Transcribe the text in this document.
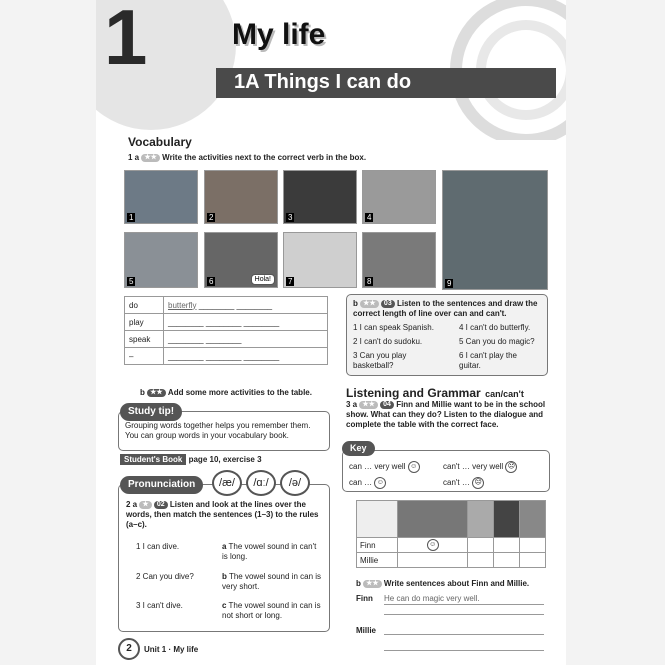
1	My life
1A Things I can do
Vocabulary
1 a ★★ Write the activities next to the correct verb in the box.
1	2	3	4
9
5	6	Hola!	7	8
do	butterfly ________ ________
play	________ ________ ________
speak	________ ________
–	________ ________ ________
b ★★ Add some more activities to the table.
Grouping words together helps you remember them. You can group words in your vocabulary book.
Study tip!
Student's Book page 10, exercise 3
Pronunciation	/æ/	/ɑː/	/ə/
2 a ★ 02 Listen and look at the lines over the words, then match the sentences (1–3) to the rules (a–c).
1 I can dive.
2 Can you dive?
3 I can't dive.
a The vowel sound in can't is long.
b The vowel sound in can is very short.
c The vowel sound in can is not short or long.
b ★★ 03 Listen to the sentences and draw the correct length of line over can and can't.
1 I can speak Spanish.
2 I can't do sudoku.
3 Can you play basketball?
4 I can't do butterfly.
5 Can you do magic?
6 I can't play the guitar.
Listening and Grammar can/can't
3 a ★★ 04 Finn and Millie want to be in the school show. What can they do? Listen to the dialogue and complete the table with the correct face.
can … very well ☺	can't … very well ☹
can … ☺	can't … ☹
Key

Finn	☺			
Millie				
b ★★ Write sentences about Finn and Millie.
Finn He can do magic very well.
Millie
2	Unit 1 · My life
